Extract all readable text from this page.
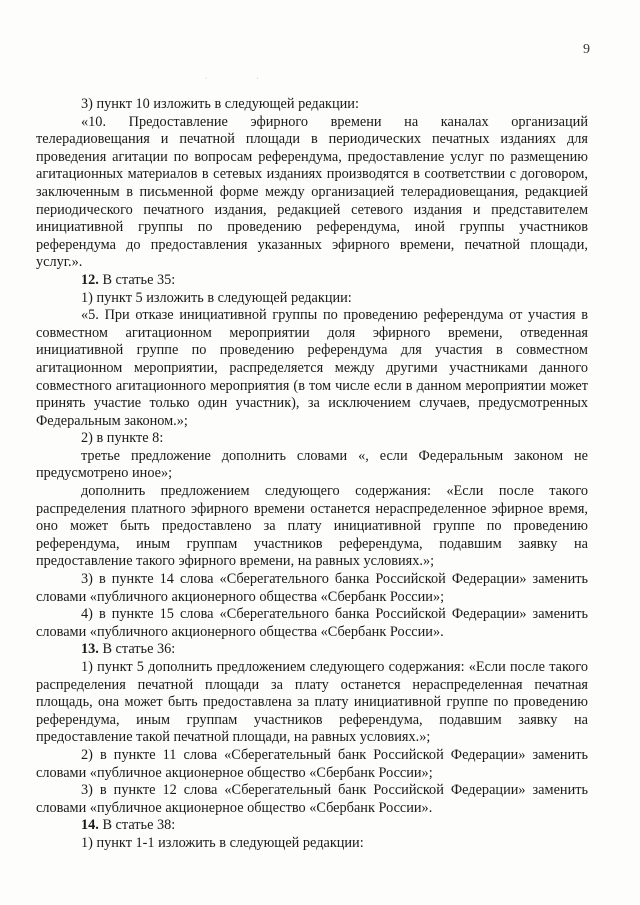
9
· ·

3) пункт 10 изложить в следующей редакции:

«10. Предоставление эфирного времени на каналах организаций телерадиовещания и печатной площади в периодических печатных изданиях для проведения агитации по вопросам референдума, предоставление услуг по размещению агитационных материалов в сетевых изданиях производятся в соответствии с договором, заключенным в письменной форме между организацией телерадиовещания, редакцией периодического печатного издания, редакцией сетевого издания и представителем инициативной группы по проведению референдума, иной группы участников референдума до предоставления указанных эфирного времени, печатной площади, услуг.».

12. В статье 35:

1) пункт 5 изложить в следующей редакции:

«5. При отказе инициативной группы по проведению референдума от участия в совместном агитационном мероприятии доля эфирного времени, отведенная инициативной группе по проведению референдума для участия в совместном агитационном мероприятии, распределяется между другими участниками данного совместного агитационного мероприятия (в том числе если в данном мероприятии может принять участие только один участник), за исключением случаев, предусмотренных Федеральным законом.»;

2) в пункте 8:

третье предложение дополнить словами «, если Федеральным законом не предусмотрено иное»;

дополнить предложением следующего содержания: «Если после такого распределения платного эфирного времени останется нераспределенное эфирное время, оно может быть предоставлено за плату инициативной группе по проведению референдума, иным группам участников референдума, подавшим заявку на предоставление такого эфирного времени, на равных условиях.»;

3) в пункте 14 слова «Сберегательного банка Российской Федерации» заменить словами «публичного акционерного общества «Сбербанк России»;

4) в пункте 15 слова «Сберегательного банка Российской Федерации» заменить словами «публичного акционерного общества «Сбербанк России».

13. В статье 36:

1) пункт 5 дополнить предложением следующего содержания: «Если после такого распределения печатной площади за плату останется нераспределенная печатная площадь, она может быть предоставлена за плату инициативной группе по проведению референдума, иным группам участников референдума, подавшим заявку на предоставление такой печатной площади, на равных условиях.»;

2) в пункте 11 слова «Сберегательный банк Российской Федерации» заменить словами «публичное акционерное общество «Сбербанк России»;

3) в пункте 12 слова «Сберегательный банк Российской Федерации» заменить словами «публичное акционерное общество «Сбербанк России».

14. В статье 38:

1) пункт 1-1 изложить в следующей редакции:
